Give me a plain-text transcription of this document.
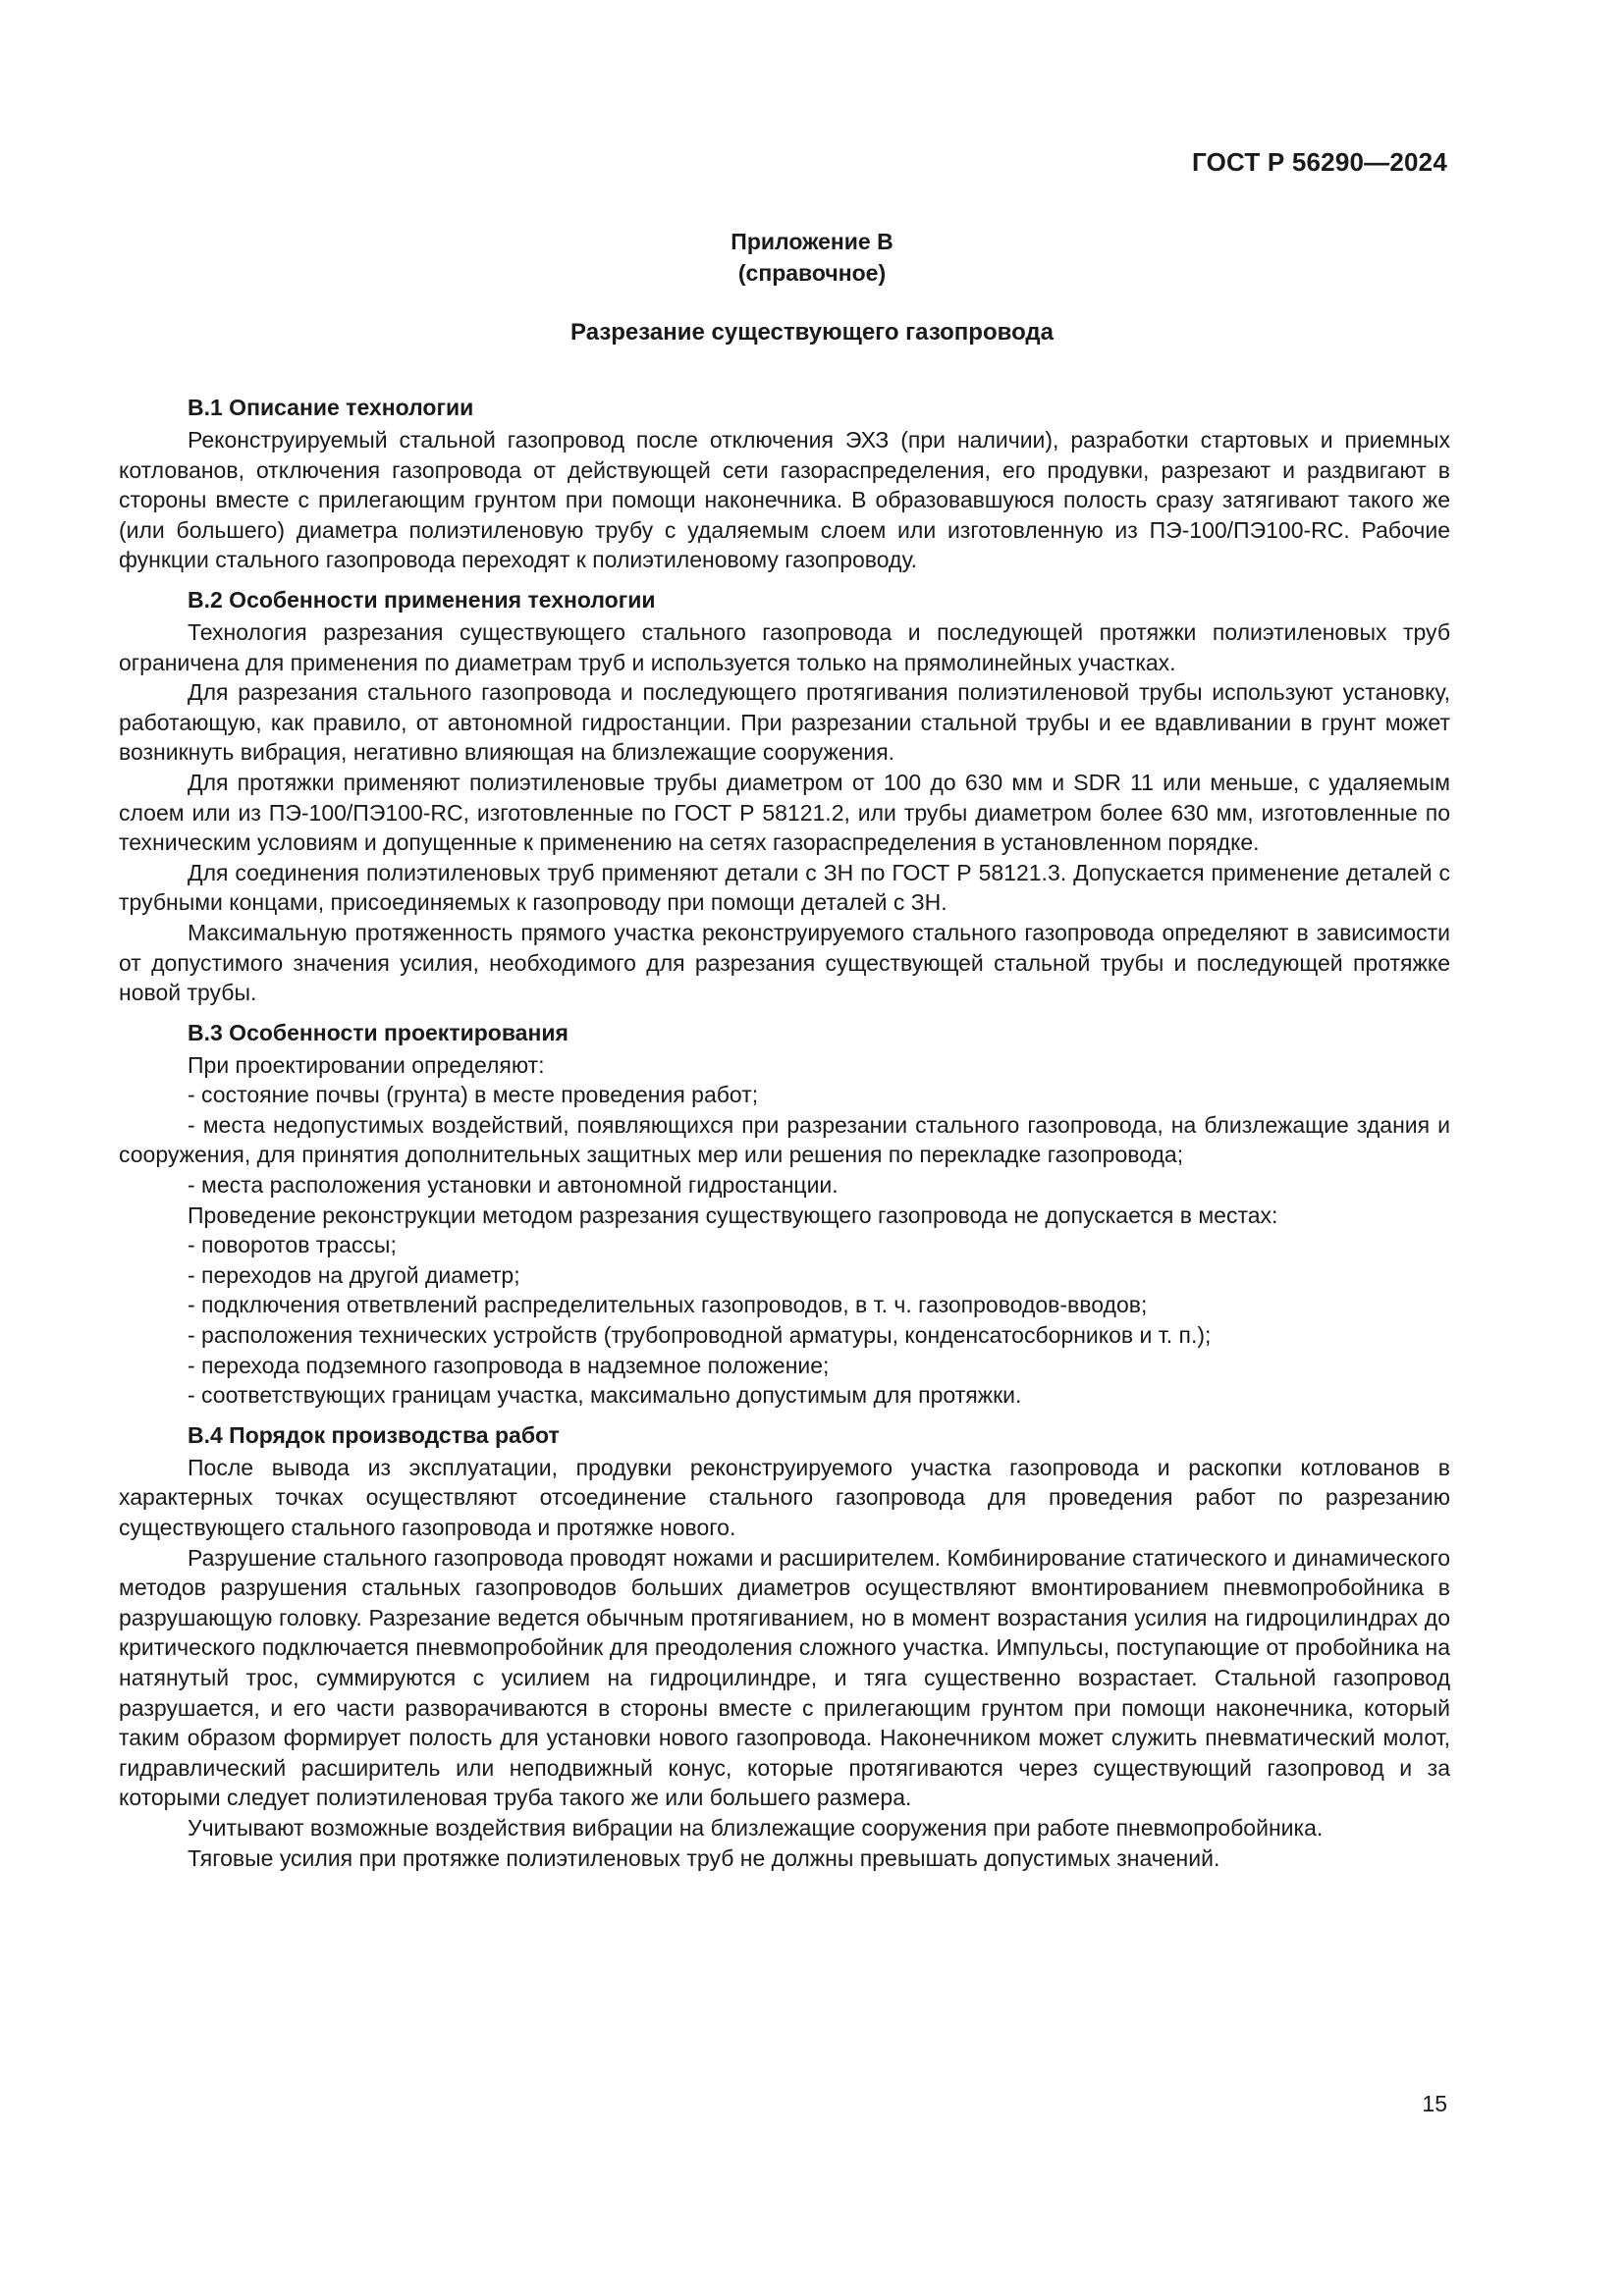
ГОСТ Р 56290—2024
Приложение В
(справочное)
Разрезание существующего газопровода
В.1 Описание технологии

Реконструируемый стальной газопровод после отключения ЭХЗ (при наличии), разработки стартовых и приемных котлованов, отключения газопровода от действующей сети газораспределения, его продувки, разрезают и раздвигают в стороны вместе с прилегающим грунтом при помощи наконечника. В образовавшуюся полость сразу затягивают такого же (или большего) диаметра полиэтиленовую трубу с удаляемым слоем или изготовленную из ПЭ-100/ПЭ100-RC. Рабочие функции стального газопровода переходят к полиэтиленовому газопроводу.

В.2 Особенности применения технологии

Технология разрезания существующего стального газопровода и последующей протяжки полиэтиленовых труб ограничена для применения по диаметрам труб и используется только на прямолинейных участках.

Для разрезания стального газопровода и последующего протягивания полиэтиленовой трубы используют установку, работающую, как правило, от автономной гидростанции. При разрезании стальной трубы и ее вдавливании в грунт может возникнуть вибрация, негативно влияющая на близлежащие сооружения.

Для протяжки применяют полиэтиленовые трубы диаметром от 100 до 630 мм и SDR 11 или меньше, с удаляемым слоем или из ПЭ-100/ПЭ100-RC, изготовленные по ГОСТ Р 58121.2, или трубы диаметром более 630 мм, изготовленные по техническим условиям и допущенные к применению на сетях газораспределения в установленном порядке.

Для соединения полиэтиленовых труб применяют детали с ЗН по ГОСТ Р 58121.3. Допускается применение деталей с трубными концами, присоединяемых к газопроводу при помощи деталей с ЗН.

Максимальную протяженность прямого участка реконструируемого стального газопровода определяют в зависимости от допустимого значения усилия, необходимого для разрезания существующей стальной трубы и последующей протяжке новой трубы.

В.3 Особенности проектирования

При проектировании определяют:

- состояние почвы (грунта) в месте проведения работ;

- места недопустимых воздействий, появляющихся при разрезании стального газопровода, на близлежащие здания и сооружения, для принятия дополнительных защитных мер или решения по перекладке газопровода;

- места расположения установки и автономной гидростанции.

Проведение реконструкции методом разрезания существующего газопровода не допускается в местах:

- поворотов трассы;

- переходов на другой диаметр;

- подключения ответвлений распределительных газопроводов, в т. ч. газопроводов-вводов;

- расположения технических устройств (трубопроводной арматуры, конденсатосборников и т. п.);

- перехода подземного газопровода в надземное положение;

- соответствующих границам участка, максимально допустимым для протяжки.

В.4 Порядок производства работ

После вывода из эксплуатации, продувки реконструируемого участка газопровода и раскопки котлованов в характерных точках осуществляют отсоединение стального газопровода для проведения работ по разрезанию существующего стального газопровода и протяжке нового.

Разрушение стального газопровода проводят ножами и расширителем. Комбинирование статического и динамического методов разрушения стальных газопроводов больших диаметров осуществляют вмонтированием пневмопробойника в разрушающую головку. Разрезание ведется обычным протягиванием, но в момент возрастания усилия на гидроцилиндрах до критического подключается пневмопробойник для преодоления сложного участка. Импульсы, поступающие от пробойника на натянутый трос, суммируются с усилием на гидроцилиндре, и тяга существенно возрастает. Стальной газопровод разрушается, и его части разворачиваются в стороны вместе с прилегающим грунтом при помощи наконечника, который таким образом формирует полость для установки нового газопровода. Наконечником может служить пневматический молот, гидравлический расширитель или неподвижный конус, которые протягиваются через существующий газопровод и за которыми следует полиэтиленовая труба такого же или большего размера.

Учитывают возможные воздействия вибрации на близлежащие сооружения при работе пневмопробойника.

Тяговые усилия при протяжке полиэтиленовых труб не должны превышать допустимых значений.

15
